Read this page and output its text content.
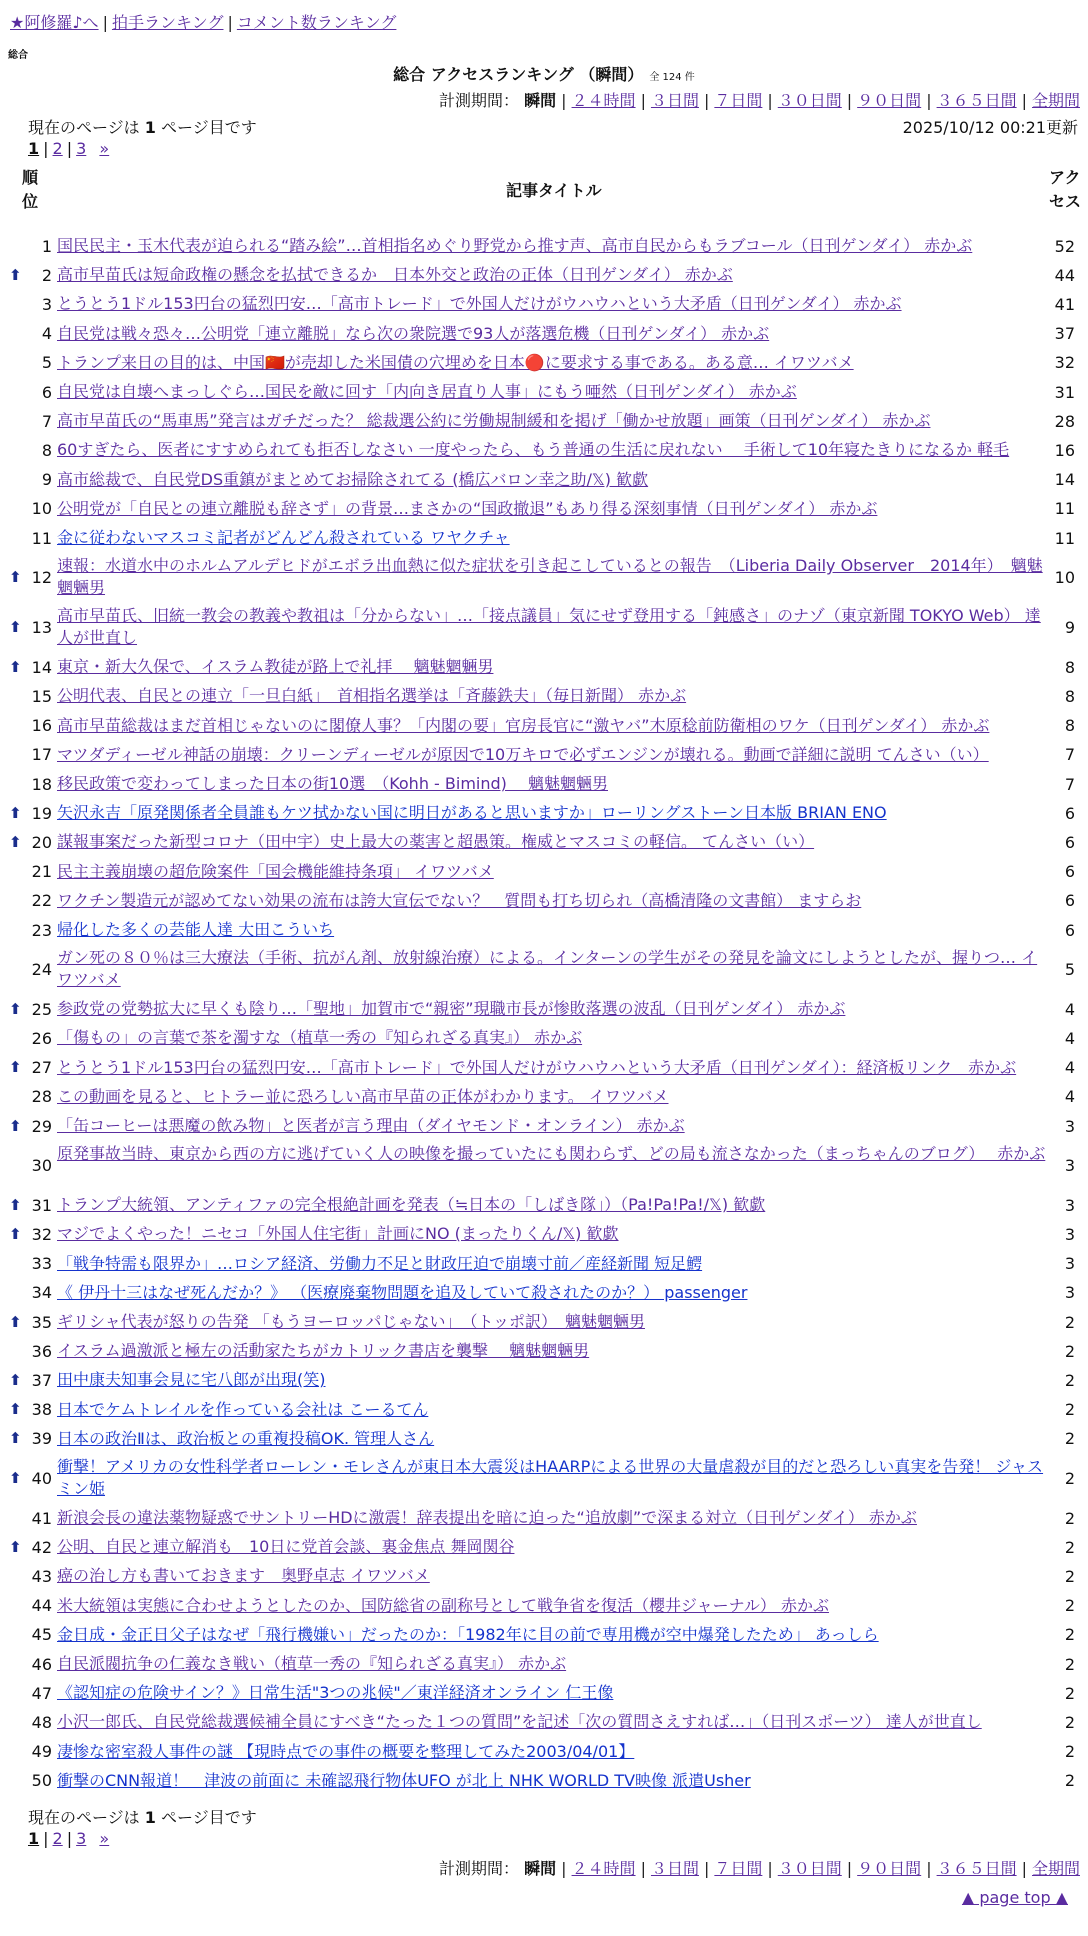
★阿修羅♪へ | 拍手ランキング | コメント数ランキング
総合
総合 アクセスランキング （瞬間） 全 124 件
計測期間： 瞬間 | ２４時間 | ３日間 | ７日間 | ３０日間 | ９０日間 | ３６５日間 | 全期間
現在のページは 1 ページ目です	2025/10/12 00:21更新
1 | 2 | 3 »
順
位
記事タイトル
アク
セス
1 国民民主・玉木代表が迫られる“踏み絵”…首相指名めぐり野党から推す声、高市自民からもラブコール（日刊ゲンダイ） 赤かぶ	52
⬆ 2 高市早苗氏は短命政権の懸念を払拭できるか　日本外交と政治の正体（日刊ゲンダイ） 赤かぶ	44
3 とうとう1ドル153円台の猛烈円安…「高市トレード」で外国人だけがウハウハという大矛盾（日刊ゲンダイ） 赤かぶ	41
4 自民党は戦々恐々…公明党「連立離脱」なら次の衆院選で93人が落選危機（日刊ゲンダイ） 赤かぶ	37
5 トランプ来日の目的は、中国🇨🇳が売却した米国債の穴埋めを日本🔴に要求する事である。ある意… イワツバメ	32
6 自民党は自壊へまっしぐら…国民を敵に回す「内向き居直り人事」にもう唖然（日刊ゲンダイ） 赤かぶ	31
7 高市早苗氏の“馬車馬”発言はガチだった？ 総裁選公約に労働規制緩和を掲げ「働かせ放題」画策（日刊ゲンダイ） 赤かぶ	28
8 60すぎたら、医者にすすめられても拒否しなさい 一度やったら、もう普通の生活に戻れない　 手術して10年寝たきりになるか 軽毛	16
9 高市総裁で、自民党DS重鎮がまとめてお掃除されてる (橋広バロン幸之助/𝕏) 歓歔	14
10 公明党が「自民との連立離脱も辞さず」の背景…まさかの“国政撤退”もあり得る深刻事情（日刊ゲンダイ） 赤かぶ	11
11 金に従わないマスコミ記者がどんどん殺されている ワヤクチャ	11
⬆ 12
速報：水道水中のホルムアルデヒドがエボラ出血熱に似た症状を引き起こしているとの報告　（Liberia Daily Observer　2014年）　魑魅魍魎男
10
⬆ 13
高市早苗氏、旧統一教会の教義や教祖は「分からない」…「接点議員」気にせず登用する「鈍感さ」のナゾ（東京新聞 TOKYO Web） 達人が世直し
9
⬆ 14 東京・新大久保で、イスラム教徒が路上で礼拝　 魑魅魍魎男	8
15 公明代表、自民との連立「一旦白紙」　首相指名選挙は「斉藤鉄夫」（毎日新聞） 赤かぶ	8
16 高市早苗総裁はまだ首相じゃないのに閣僚人事？「内閣の要」官房長官に“激ヤバ”木原稔前防衛相のワケ（日刊ゲンダイ） 赤かぶ	8
17 マツダディーゼル神話の崩壊：クリーンディーゼルが原因で10万キロで必ずエンジンが壊れる。動画で詳細に説明 てんさい（い）	7
18 移民政策で変わってしまった日本の街10選　（Kohh - Bimind)　 魑魅魍魎男	7
⬆ 19 矢沢永吉「原発関係者全員誰もケツ拭かない国に明日があると思いますか」ローリングストーン日本版 BRIAN ENO	6
⬆ 20 謀報事案だった新型コロナ（田中宇）史上最大の薬害と超愚策。権威とマスコミの軽信。 てんさい（い）	6
21 民主主義崩壊の超危険案件「国会機能維持条項」 イワツバメ	6
22 ワクチン製造元が認めてない効果の流布は誇大宣伝でない？　質問も打ち切られ（高橋清隆の文書館） ますらお	6
23 帰化した多くの芸能人達 大田こういち	6
24
ガン死の８０％は三大療法（手術、抗がん剤、放射線治療）による。インターンの学生がその発見を論文にしようとしたが、握りつ… イワツバメ
5
⬆ 25 参政党の党勢拡大に早くも陰り…「聖地」加賀市で“親密”現職市長が惨敗落選の波乱（日刊ゲンダイ） 赤かぶ	4
26 「傷もの」の言葉で茶を濁すな（植草一秀の『知られざる真実』） 赤かぶ	4
⬆ 27 とうとう1ドル153円台の猛烈円安…「高市トレード」で外国人だけがウハウハという大矛盾（日刊ゲンダイ）：経済板リンク　赤かぶ	4
28 この動画を見ると、ヒトラー並に恐ろしい高市早苗の正体がわかります。 イワツバメ	4
⬆ 29 「缶コーヒーは悪魔の飲み物」と医者が言う理由（ダイヤモンド・オンライン） 赤かぶ	3
30
原発事故当時、東京から西の方に逃げていく人の映像を撮っていたにも関わらず、どの局も流さなかった（まっちゃんのブログ）　 赤かぶ
3
⬆ 31 トランプ大統領、アンティファの完全根絶計画を発表（≒日本の「しばき隊」）（Pa!Pa!Pa!/𝕏) 歓歔	3
⬆ 32 マジでよくやった！ニセコ「外国人住宅街」計画にNO (まったりくん/𝕏) 歓歔	3
33 「戦争特需も限界か」…ロシア経済、労働力不足と財政圧迫で崩壊寸前／産経新聞 短足鰐	3
34 《 伊丹十三はなぜ死んだか？》 （医療廃棄物問題を追及していて殺されたのか？） passenger	3
⬆ 35 ギリシャ代表が怒りの告発 「もうヨーロッパじゃない」　（トッポ訳）　魑魅魍魎男	2
36 イスラム過激派と極左の活動家たちがカトリック書店を襲撃　 魑魅魍魎男	2
⬆ 37 田中康夫知事会見に宅八郎が出現(笑)	2
⬆ 38 日本でケムトレイルを作っている会社は こーるてん	2
⬆ 39 日本の政治Ⅱは、政治板との重複投稿OK. 管理人さん	2
⬆ 40
衝撃！アメリカの女性科学者ローレン・モレさんが東日本大震災はHAARPによる世界の大量虐殺が目的だと恐ろしい真実を告発！ ジャスミン姫
2
41 新浪会長の違法薬物疑惑でサントリーHDに激震！辞表提出を暗に迫った“追放劇”で深まる対立（日刊ゲンダイ） 赤かぶ	2
⬆ 42 公明、自民と連立解消も　10日に党首会談、裏金焦点 舞岡関谷	2
43 癌の治し方も書いておきます　奥野卓志 イワツバメ	2
44 米大統領は実態に合わせようとしたのか、国防総省の副称号として戦争省を復活（櫻井ジャーナル） 赤かぶ	2
45 金日成・金正日父子はなぜ「飛行機嫌い」だったのか：「1982年に目の前で専用機が空中爆発したため」 あっしら	2
46 自民派閥抗争の仁義なき戦い（植草一秀の『知られざる真実』） 赤かぶ	2
47 《認知症の危険サイン？》日常生活"3つの兆候"／東洋経済オンライン 仁王像	2
48 小沢一郎氏、自民党総裁選候補全員にすべき“たった１つの質問”を記述「次の質問さえすれば…」（日刊スポーツ） 達人が世直し	2
49 凄惨な密室殺人事件の謎 【現時点での事件の概要を整理してみた2003/04/01】	2
50 衝撃のCNN報道！　津波の前面に 未確認飛行物体UFO が北上 NHK WORLD TV映像 派遣Usher	2
現在のページは 1 ページ目です
1 | 2 | 3 »
計測期間： 瞬間 | ２４時間 | ３日間 | ７日間 | ３０日間 | ９０日間 | ３６５日間 | 全期間
▲ page top ▲
